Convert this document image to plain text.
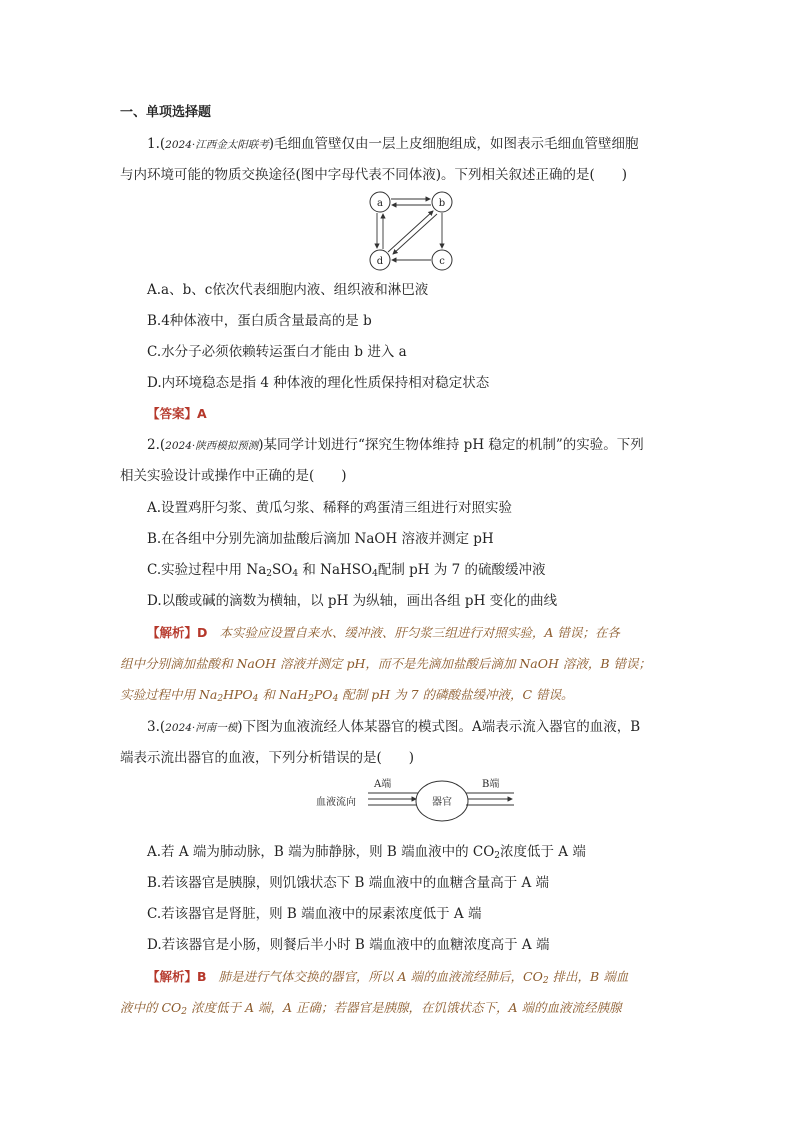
一、单项选择题
1.(2024·江西金太阳联考)毛细血管壁仅由一层上皮细胞组成，如图表示毛细血管壁细胞
与内环境可能的物质交换途径(图中字母代表不同体液)。下列相关叙述正确的是(　　)
a	b
c
d
A.a、b、c依次代表细胞内液、组织液和淋巴液
B.4种体液中，蛋白质含量最高的是 b
C.水分子必须依赖转运蛋白才能由 b 进入 a
D.内环境稳态是指 4 种体液的理化性质保持相对稳定状态
【答案】A
2.(2024·陕西模拟预测)某同学计划进行“探究生物体维持 pH 稳定的机制”的实验。下列
相关实验设计或操作中正确的是(　　)
A.设置鸡肝匀浆、黄瓜匀浆、稀释的鸡蛋清三组进行对照实验
B.在各组中分别先滴加盐酸后滴加 NaOH 溶液并测定 pH
C.实验过程中用 $Na_2SO_4$ 和 NaHSO$_4$配制 pH 为 7 的硫酸缓冲液
D.以酸或碱的滴数为横轴，以 pH 为纵轴，画出各组 pH 变化的曲线
【解析】D 本实验应设置自来水、缓冲液、肝匀浆三组进行对照实验，A 错误；在各
组中分别滴加盐酸和 NaOH 溶液并测定 pH，而不是先滴加盐酸后滴加 NaOH 溶液，B 错误；
实验过程中用 $Na_2HPO_4$ 和 $NaH_2PO_4$ 配制 pH 为 7 的磷酸盐缓冲液，C 错误。
3.(2024·河南一模)下图为血液流经人体某器官的模式图。A端表示流入器官的血液，B
端表示流出器官的血液，下列分析错误的是(　　)
A端	B端
血液流向	器官
A.若 A 端为肺动脉，B 端为肺静脉，则 B 端血液中的 $CO_2$浓度低于 A 端
B.若该器官是胰腺，则饥饿状态下 B 端血液中的血糖含量高于 A 端
C.若该器官是肾脏，则 B 端血液中的尿素浓度低于 A 端
D.若该器官是小肠，则餐后半小时 B 端血液中的血糖浓度高于 A 端
【解析】B 肺是进行气体交换的器官，所以 A 端的血液流经肺后，$CO_2$ 排出，B 端血
液中的 $CO_2$ 浓度低于 A 端，A 正确；若器官是胰腺，在饥饿状态下，A 端的血液流经胰腺
